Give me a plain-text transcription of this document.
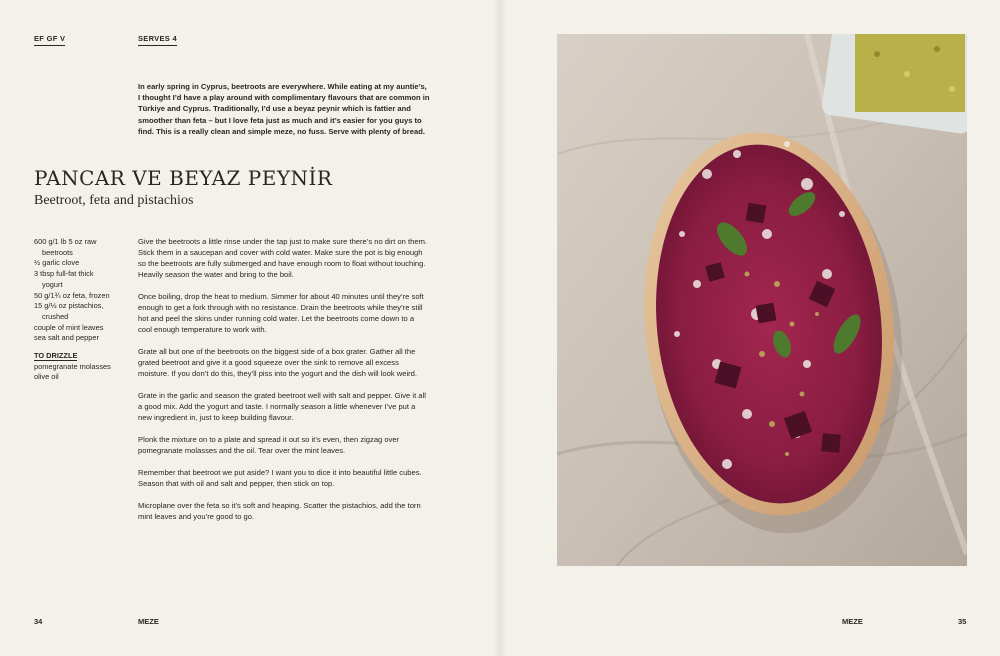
EF GF V	SERVES 4

In early spring in Cyprus, beetroots are everywhere. While eating at my auntie’s, I thought I’d have a play around with complimentary flavours that are common in Türkiye and Cyprus. Traditionally, I’d use a beyaz peynir which is fattier and smoother than feta – but I love feta just as much and it’s easier for you guys to find. This is a really clean and simple meze, no fuss. Serve with plenty of bread.

PANCAR VE BEYAZ PEYNİR
Beetroot, feta and pistachios
600 g/1 lb 5 oz raw
beetroots
½ garlic clove
3 tbsp full-fat thick
yogurt
50 g/1¾ oz feta, frozen
15 g/½ oz pistachios,
crushed
couple of mint leaves
sea salt and pepper
TO DRIZZLE
pomegranate molasses
olive oil

Give the beetroots a little rinse under the tap just to make sure there’s no dirt on them. Stick them in a saucepan and cover with cold water. Make sure the pot is big enough so the beetroots are fully submerged and have enough room to float without touching. Heavily season the water and bring to the boil.

Once boiling, drop the heat to medium. Simmer for about 40 minutes until they’re soft enough to get a fork through with no resistance. Drain the beetroots while they’re still hot and peel the skins under running cold water. Let the beetroots come down to a cool enough temperature to work with.

Grate all but one of the beetroots on the biggest side of a box grater. Gather all the grated beetroot and give it a good squeeze over the sink to remove all excess moisture. If you don’t do this, they’ll piss into the yogurt and the dish will look weird.

Grate in the garlic and season the grated beetroot well with salt and pepper. Give it all a good mix. Add the yogurt and taste. I normally season a little whenever I’ve put a new ingredient in, just to keep building flavour.

Plonk the mixture on to a plate and spread it out so it’s even, then zigzag over pomegranate molasses and the oil. Tear over the mint leaves.

Remember that beetroot we put aside? I want you to dice it into beautiful little cubes. Season that with oil and salt and pepper, then stick on top.

Microplane over the feta so it’s soft and heaping. Scatter the pistachios, add the torn mint leaves and you’re good to go.

34	MEZE	MEZE	35
